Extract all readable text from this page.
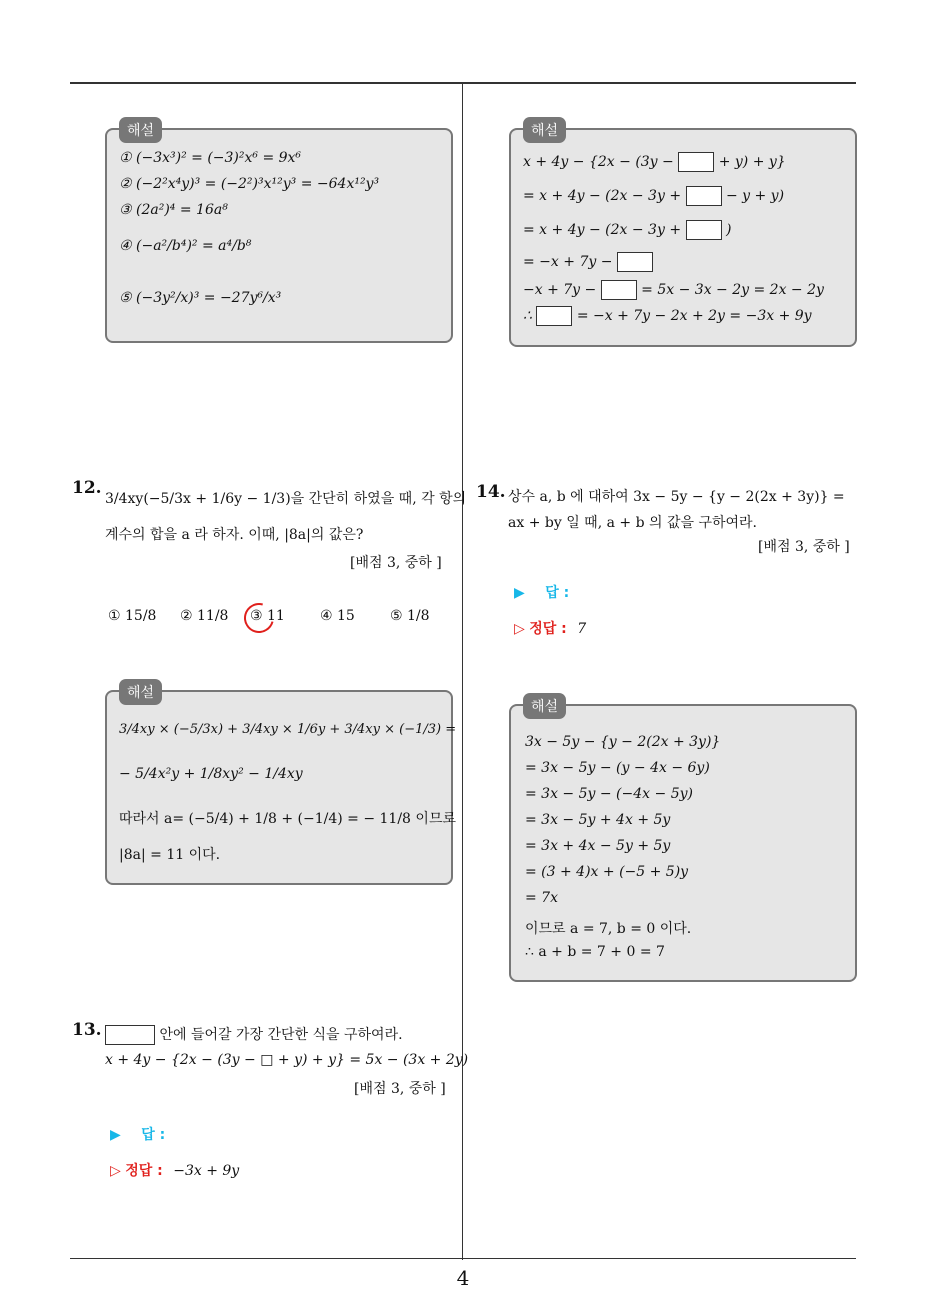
해설
① (−3x³)² = (−3)²x⁶ = 9x⁶
② (−2²x⁴y)³ = (−2²)³x¹²y³ = −64x¹²y³
③ (2a²)⁴ = 16a⁸
④ (−a²/b⁴)² = a⁴/b⁸
⑤ (−3y²/x)³ = −27y⁶/x³
12.
3/4xy(−5/3x + 1/6y − 1/3)을 간단히 하였을 때, 각 항의
계수의 합을 a 라 하자. 이때, |8a|의 값은?
[배점 3, 중하 ]
① 15/8 ② 11/8 ③ 11	④ 15	⑤ 1/8
해설
3/4xy × (−5/3x) + 3/4xy × 1/6y + 3/4xy × (−1/3) =
− 5/4x²y + 1/8xy² − 1/4xy
따라서 a= (−5/4) + 1/8 + (−1/4) = − 11/8 이므로
|8a| = 11 이다.
13.	안에 들어갈 가장 간단한 식을 구하여라.
x + 4y − {2x − (3y − □ + y) + y} = 5x − (3x + 2y)
[배점 3, 중하 ]
▶ 답 :
▷ 정답 : −3x + 9y
해설
x + 4y − {2x − (3y −	+ y) + y}
= x + 4y − (2x − 3y +	− y + y)
= x + 4y − (2x − 3y +	)
= −x + 7y −
−x + 7y −	= 5x − 3x − 2y = 2x − 2y
∴	= −x + 7y − 2x + 2y = −3x + 9y
14. 상수 a, b 에 대하여 3x − 5y − {y − 2(2x + 3y)} =
ax + by 일 때, a + b 의 값을 구하여라.
[배점 3, 중하 ]
▶ 답 :
▷ 정답 : 7
해설
3x − 5y − {y − 2(2x + 3y)}
= 3x − 5y − (y − 4x − 6y)
= 3x − 5y − (−4x − 5y)
= 3x − 5y + 4x + 5y
= 3x + 4x − 5y + 5y
= (3 + 4)x + (−5 + 5)y
= 7x
이므로 a = 7, b = 0 이다.
∴ a + b = 7 + 0 = 7
4
